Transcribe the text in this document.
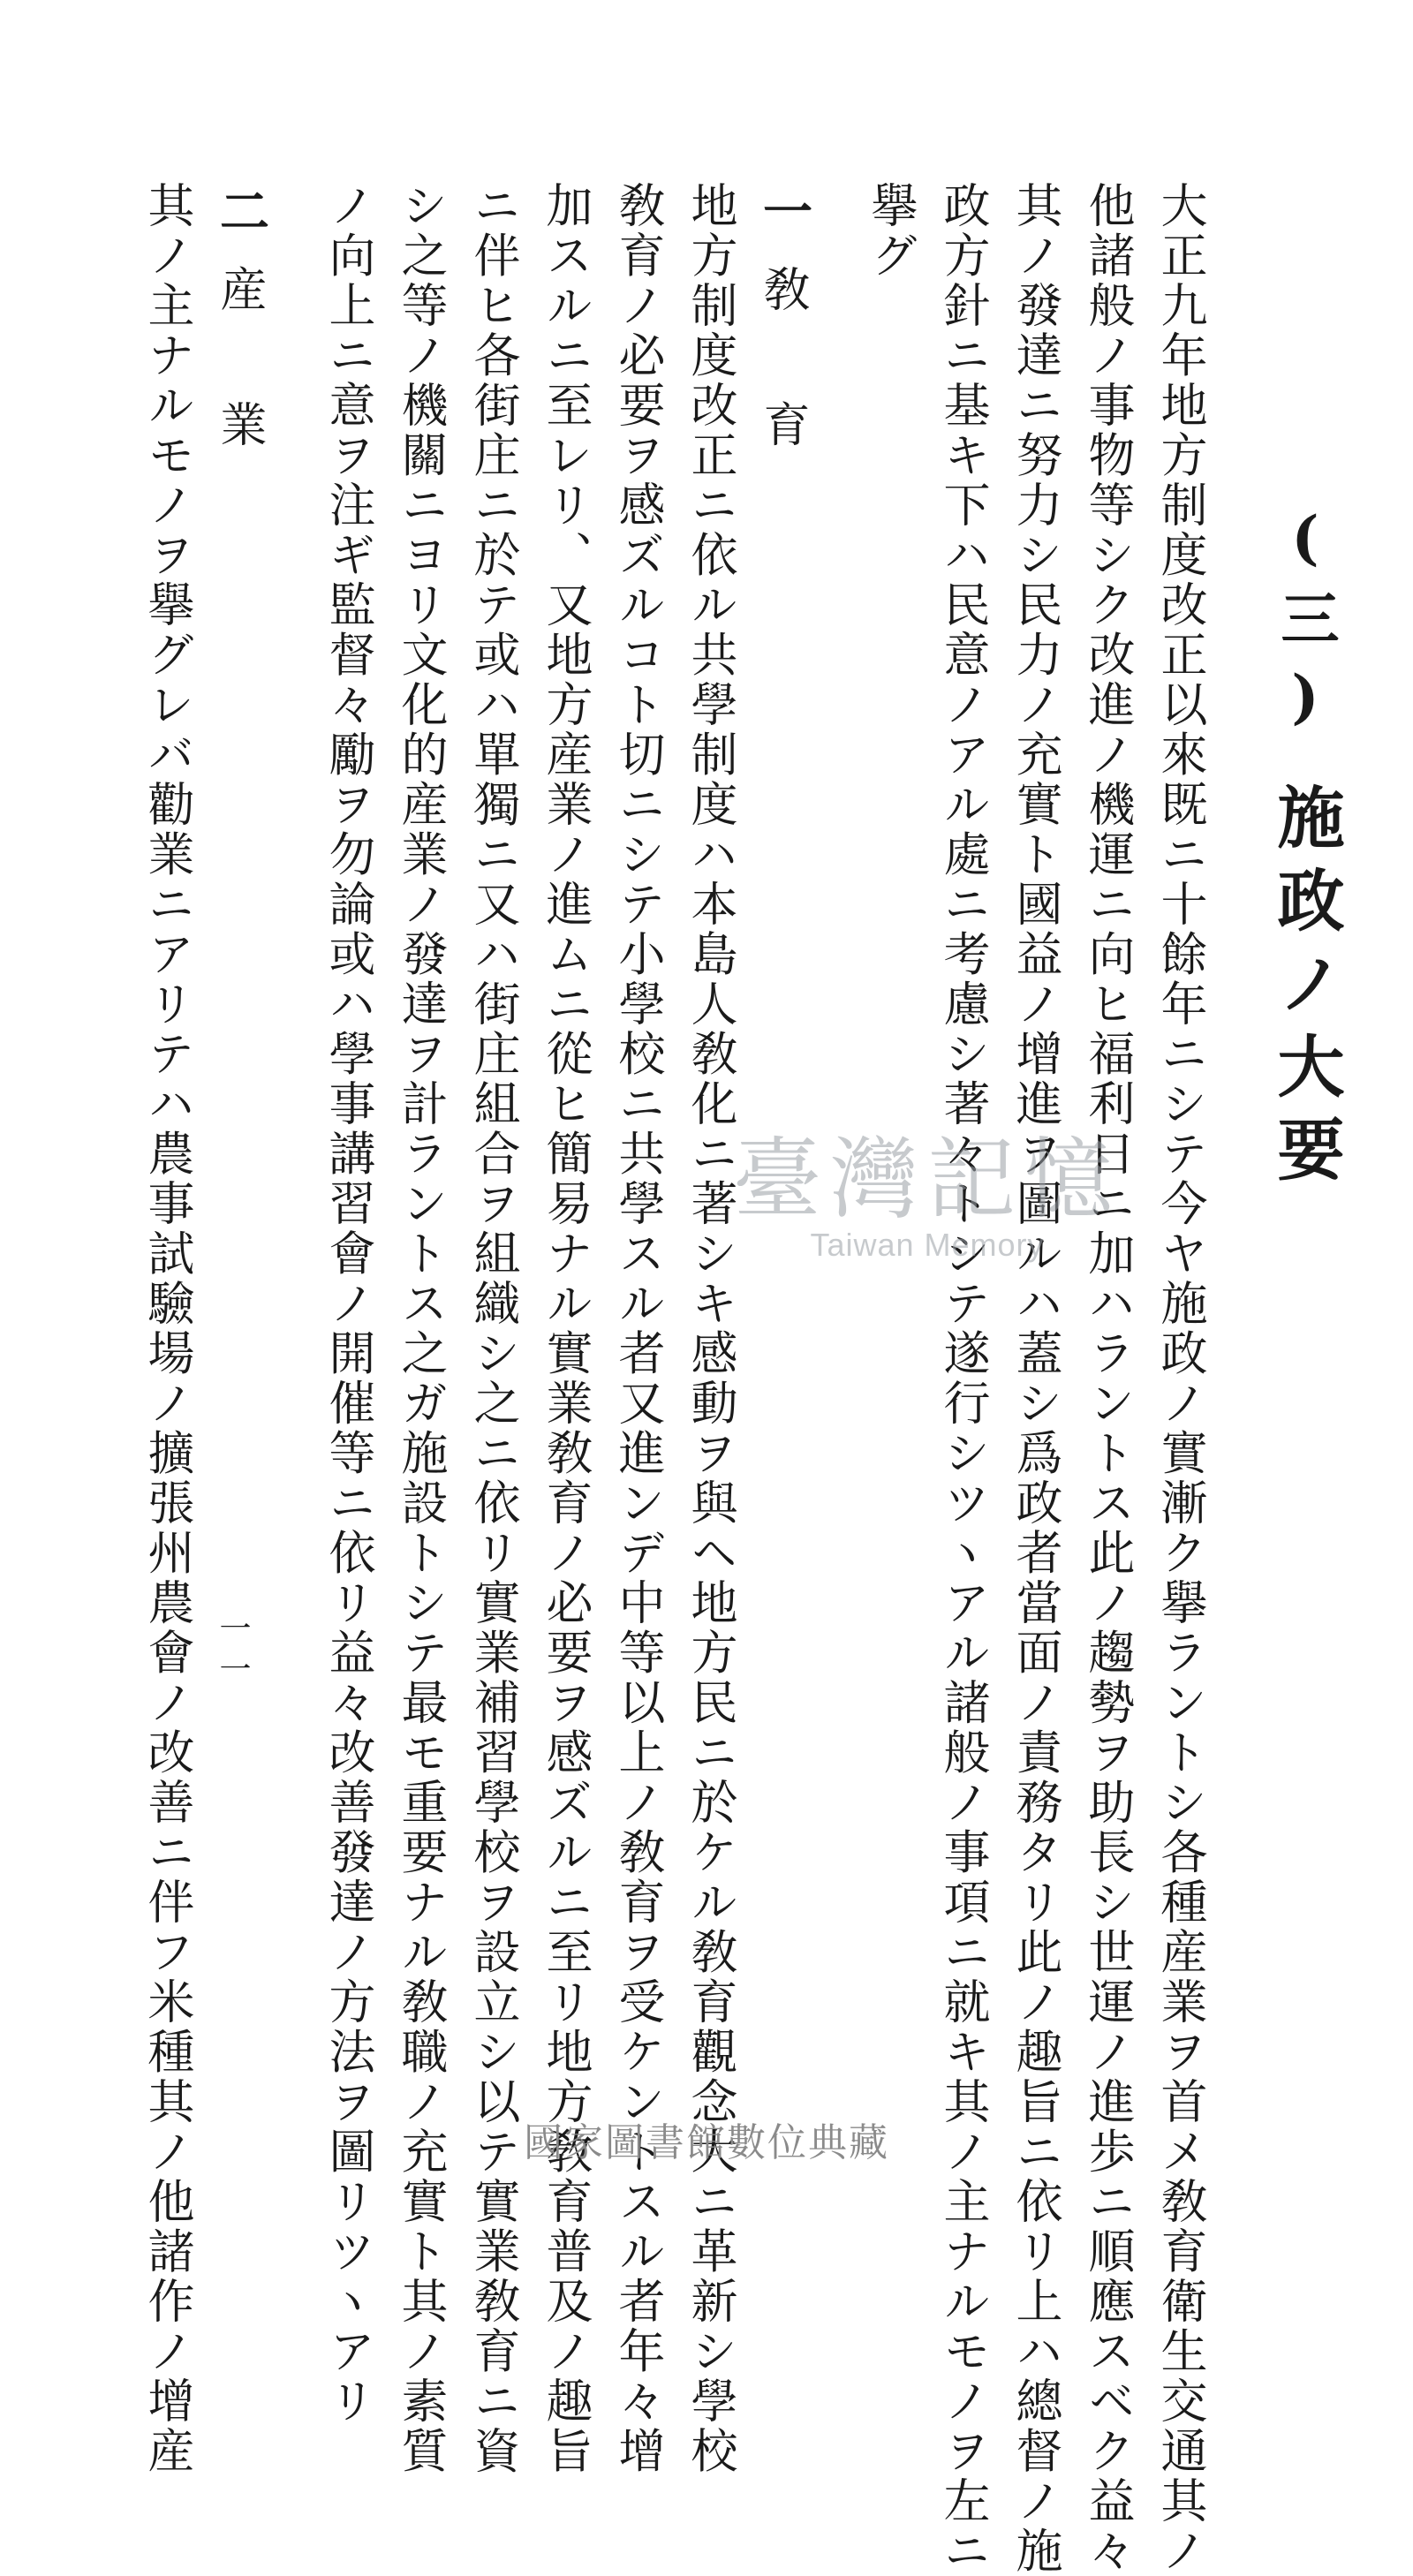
(三)施政ノ大要
大正九年地方制度改正以來既ニ十餘年ニシテ今ヤ施政ノ實漸ク擧ラントシ各種産業ヲ首メ敎育衛生交通其ノ
他諸般ノ事物等シク改進ノ機運ニ向ヒ福利日ニ加ハラントス此ノ趨勢ヲ助長シ世運ノ進歩ニ順應スベク益々
其ノ發達ニ努力シ民力ノ充實ト國益ノ增進ヲ圖ルハ蓋シ爲政者當面ノ責務タリ此ノ趣旨ニ依リ上ハ總督ノ施
政方針ニ基キ下ハ民意ノアル處ニ考慮シ著々トシテ遂行シツヽアル諸般ノ事項ニ就キ其ノ主ナルモノヲ左ニ
擧グ
一
敎育
地方制度改正ニ依ル共學制度ハ本島人敎化ニ著シキ感動ヲ與ヘ地方民ニ於ケル敎育觀念大ニ革新シ學校
敎育ノ必要ヲ感ズルコト切ニシテ小學校ニ共學スル者又進ンデ中等以上ノ敎育ヲ受ケントスル者年々增
加スルニ至レリ、又地方産業ノ進ムニ從ヒ簡易ナル實業敎育ノ必要ヲ感ズルニ至リ地方敎育普及ノ趣旨
ニ伴ヒ各街庄ニ於テ或ハ單獨ニ又ハ街庄組合ヲ組織シ之ニ依リ實業補習學校ヲ設立シ以テ實業敎育ニ資
シ之等ノ機關ニヨリ文化的産業ノ發達ヲ計ラントス之ガ施設トシテ最モ重要ナル敎職ノ充實ト其ノ素質
ノ向上ニ意ヲ注ギ監督々勵ヲ勿論或ハ學事講習會ノ開催等ニ依リ益々改善發達ノ方法ヲ圖リツヽアリ
二
産業
其ノ主ナルモノヲ擧グレバ勸業ニアリテハ農事試驗場ノ擴張州農會ノ改善ニ伴フ米種其ノ他諸作ノ增産 一一
臺灣記憶
Taiwan Memory
國家圖書館數位典藏
